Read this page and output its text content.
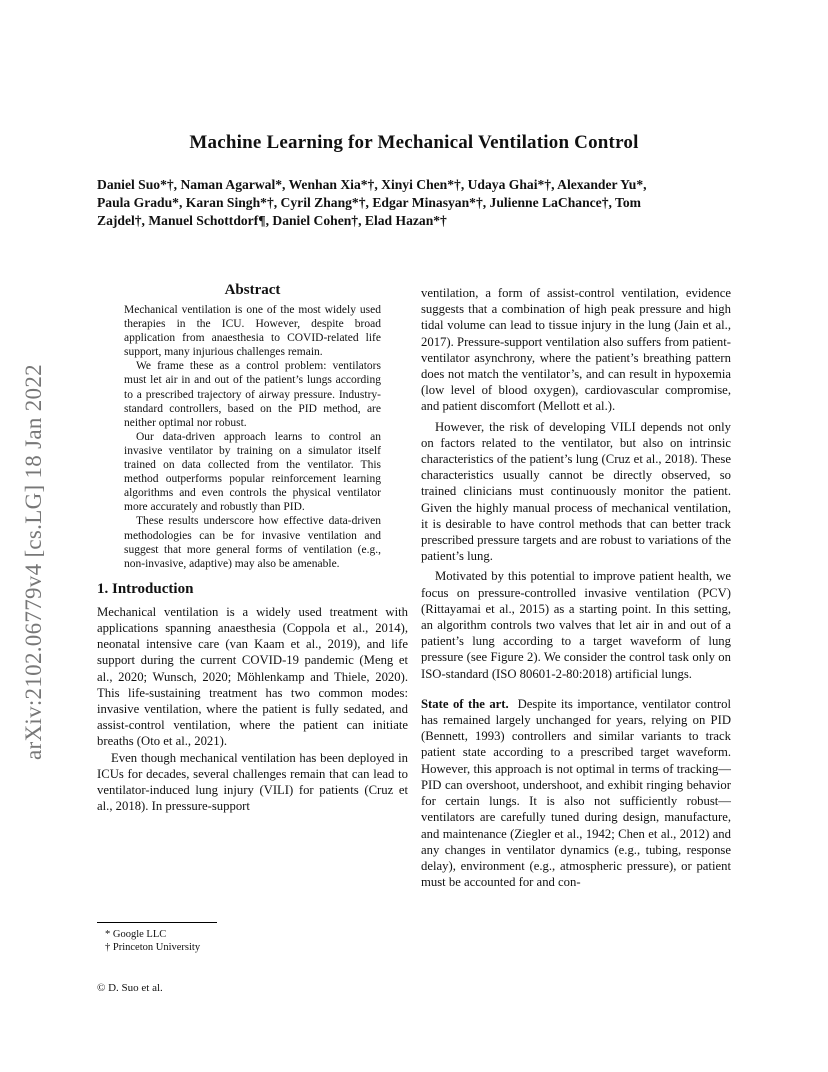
arXiv:2102.06779v4 [cs.LG] 18 Jan 2022
Machine Learning for Mechanical Ventilation Control
Daniel Suo*†, Naman Agarwal*, Wenhan Xia*†, Xinyi Chen*†, Udaya Ghai*†, Alexander Yu*,
Paula Gradu*, Karan Singh*†, Cyril Zhang*†, Edgar Minasyan*†, Julienne LaChance†, Tom
Zajdel†, Manuel Schottdorf¶, Daniel Cohen†, Elad Hazan*†
Abstract

Mechanical ventilation is one of the most widely used therapies in the ICU. However, despite broad application from anaesthesia to COVID-related life support, many injurious challenges remain.

We frame these as a control problem: ventilators must let air in and out of the patient’s lungs according to a prescribed trajectory of airway pressure. Industry-standard controllers, based on the PID method, are neither optimal nor robust.

Our data-driven approach learns to control an invasive ventilator by training on a simulator itself trained on data collected from the ventilator. This method outperforms popular reinforcement learning algorithms and even controls the physical ventilator more accurately and robustly than PID.

These results underscore how effective data-driven methodologies can be for invasive ventilation and suggest that more general forms of ventilation (e.g., non-invasive, adaptive) may also be amenable.

1. Introduction

Mechanical ventilation is a widely used treatment with applications spanning anaesthesia (Coppola et al., 2014), neonatal intensive care (van Kaam et al., 2019), and life support during the current COVID-19 pandemic (Meng et al., 2020; Wunsch, 2020; Möhlenkamp and Thiele, 2020). This life-sustaining treatment has two common modes: invasive ventilation, where the patient is fully sedated, and assist-control ventilation, where the patient can initiate breaths (Oto et al., 2021).

Even though mechanical ventilation has been deployed in ICUs for decades, several challenges remain that can lead to ventilator-induced lung injury (VILI) for patients (Cruz et al., 2018). In pressure-support

ventilation, a form of assist-control ventilation, evidence suggests that a combination of high peak pressure and high tidal volume can lead to tissue injury in the lung (Jain et al., 2017). Pressure-support ventilation also suffers from patient-ventilator asynchrony, where the patient’s breathing pattern does not match the ventilator’s, and can result in hypoxemia (low level of blood oxygen), cardiovascular compromise, and patient discomfort (Mellott et al.).

However, the risk of developing VILI depends not only on factors related to the ventilator, but also on intrinsic characteristics of the patient’s lung (Cruz et al., 2018). These characteristics usually cannot be directly observed, so trained clinicians must continuously monitor the patient. Given the highly manual process of mechanical ventilation, it is desirable to have control methods that can better track prescribed pressure targets and are robust to variations of the patient’s lung.

Motivated by this potential to improve patient health, we focus on pressure-controlled invasive ventilation (PCV) (Rittayamai et al., 2015) as a starting point. In this setting, an algorithm controls two valves that let air in and out of a patient’s lung according to a target waveform of lung pressure (see Figure 2). We consider the control task only on ISO-standard (ISO 80601-2-80:2018) artificial lungs.

State of the art. Despite its importance, ventilator control has remained largely unchanged for years, relying on PID (Bennett, 1993) controllers and similar variants to track patient state according to a prescribed target waveform. However, this approach is not optimal in terms of tracking—PID can overshoot, undershoot, and exhibit ringing behavior for certain lungs. It is also not sufficiently robust—ventilators are carefully tuned during design, manufacture, and maintenance (Ziegler et al., 1942; Chen et al., 2012) and any changes in ventilator dynamics (e.g., tubing, response delay), environment (e.g., atmospheric pressure), or patient must be accounted for and con-

* Google LLC
† Princeton University
© D. Suo et al.
